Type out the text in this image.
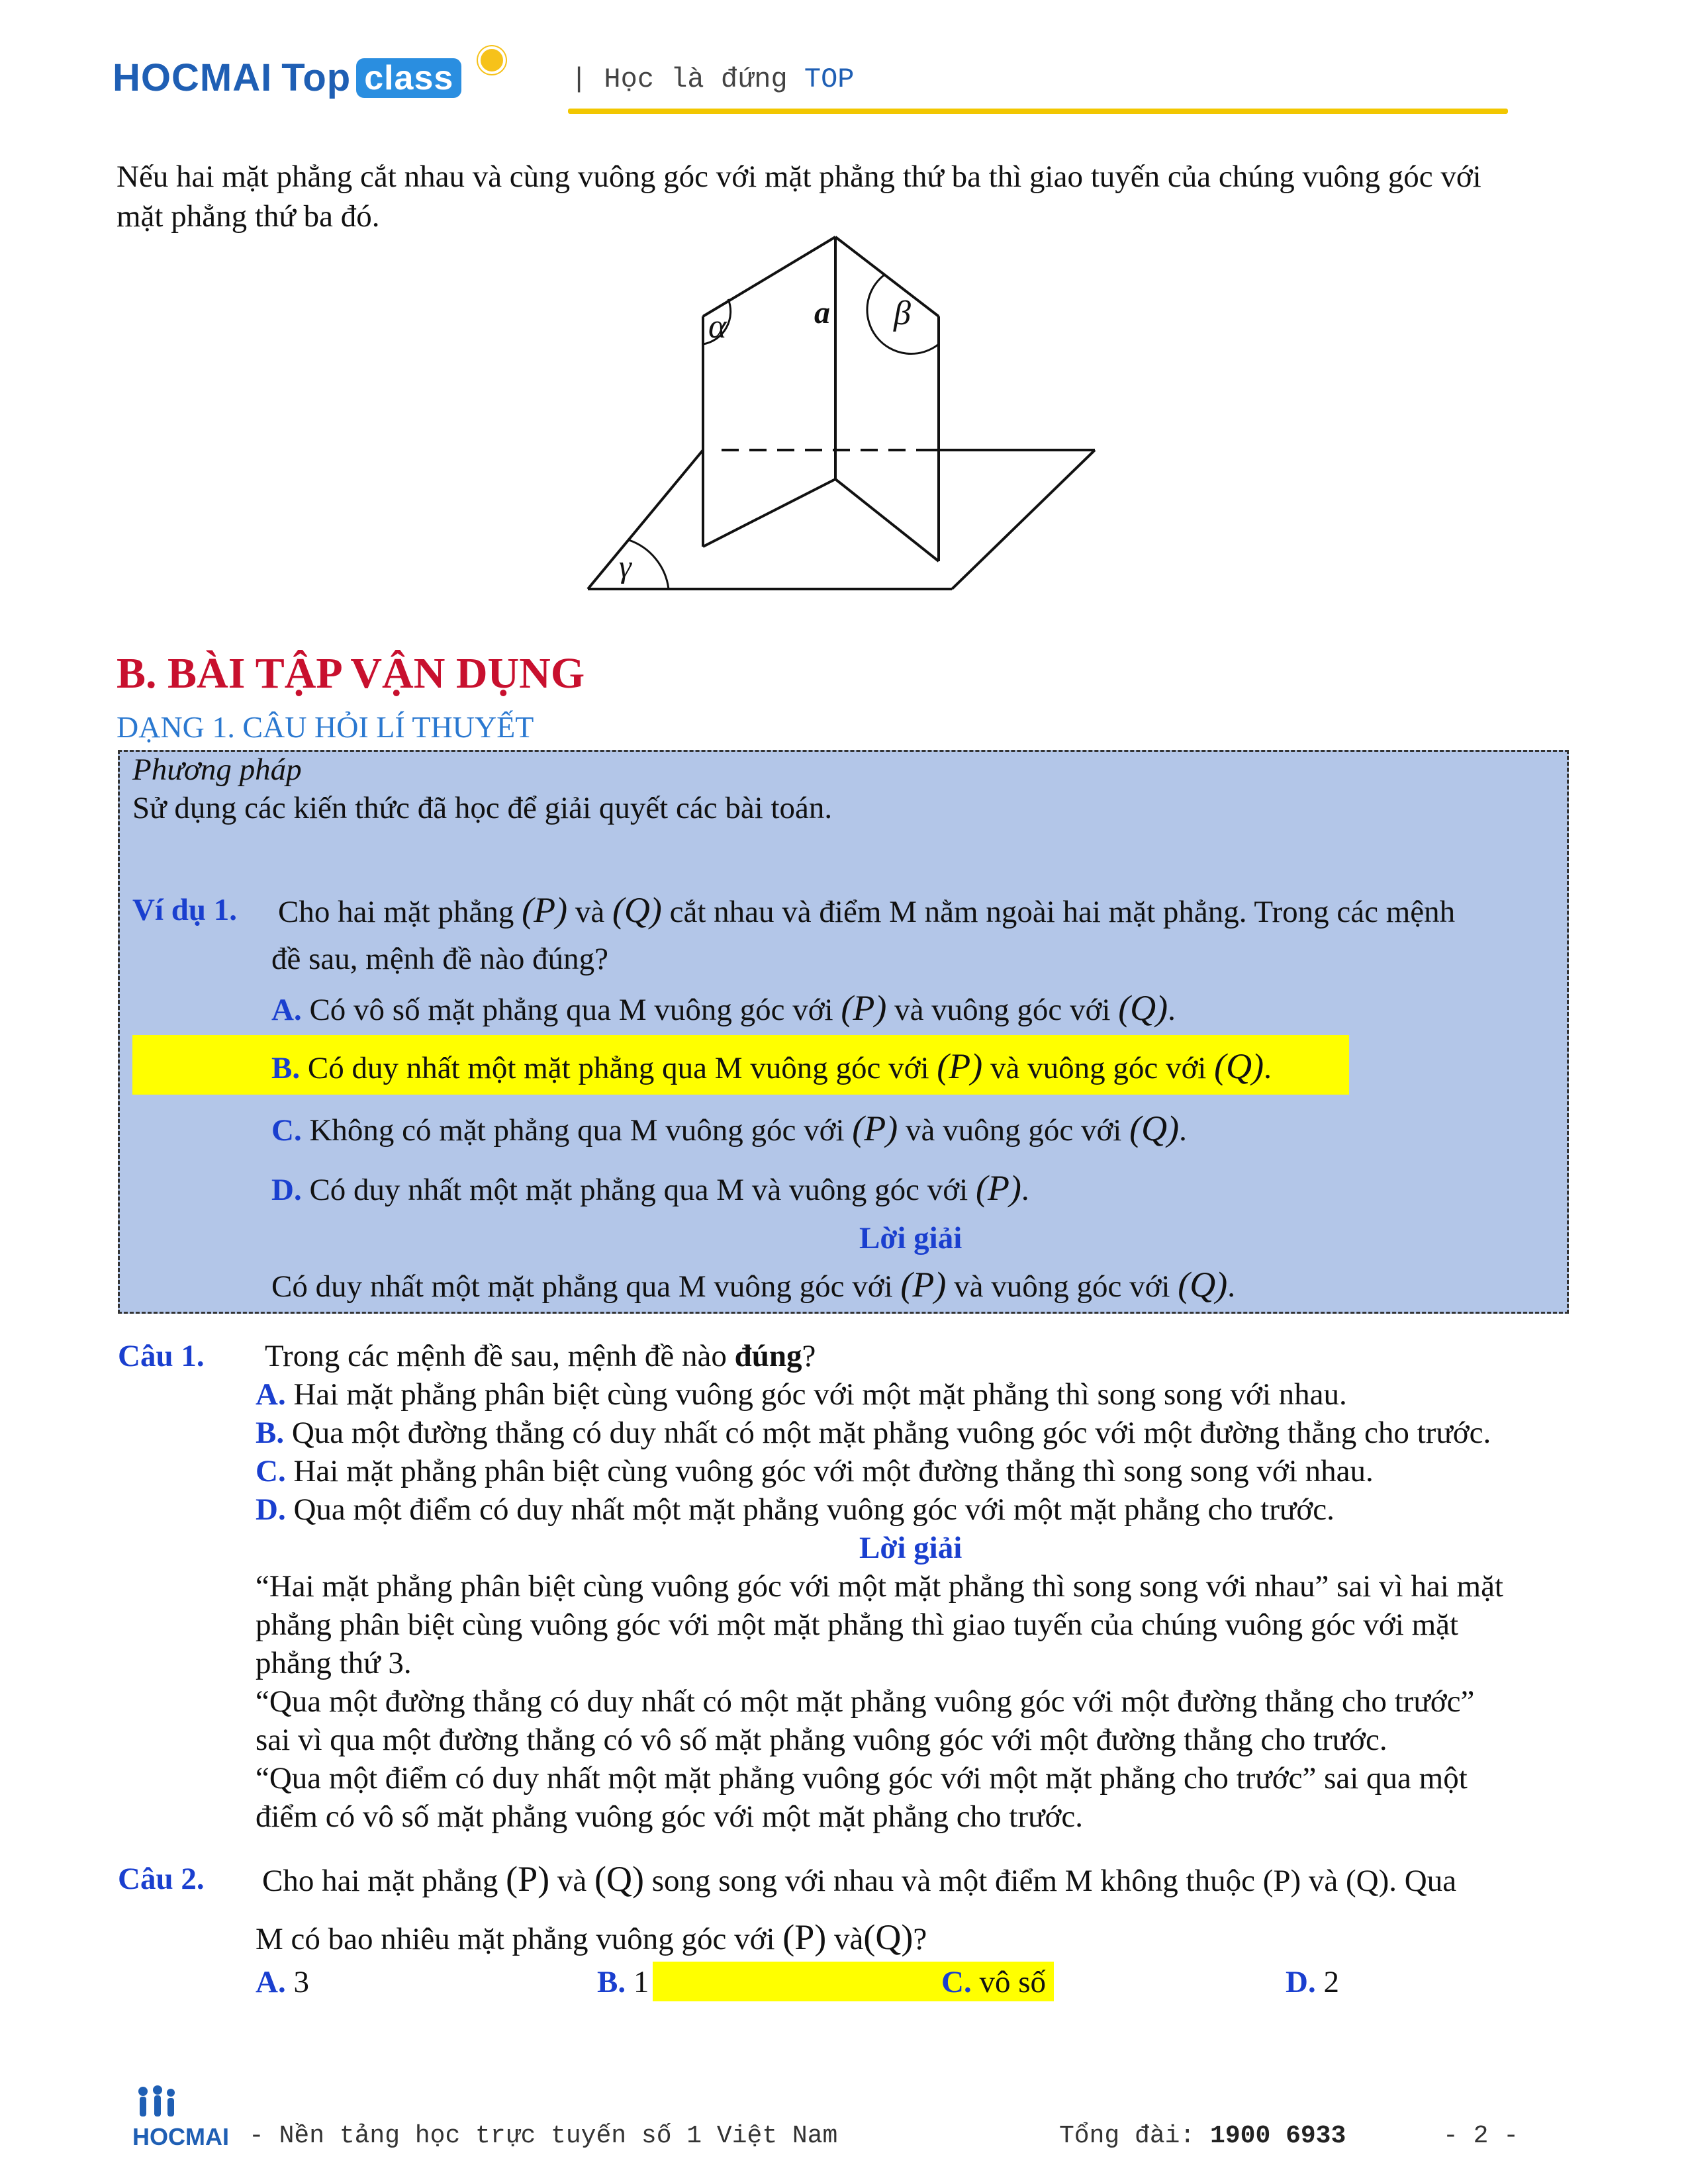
HOCMAI Top class	| Học là đứng TOP
Nếu hai mặt phẳng cắt nhau và cùng vuông góc với mặt phẳng thứ ba thì giao tuyến của chúng vuông góc với
mặt phẳng thứ ba đó.
α	β
γ
a
B. BÀI TẬP VẬN DỤNG
DẠNG 1. CÂU HỎI LÍ THUYẾT
Phương pháp
Sử dụng các kiến thức đã học để giải quyết các bài toán.
Ví dụ 1. Cho hai mặt phẳng (P) và (Q) cắt nhau và điểm M nằm ngoài hai mặt phẳng. Trong các mệnh
đề sau, mệnh đề nào đúng?
A. Có vô số mặt phẳng qua M vuông góc với (P) và vuông góc với (Q).
B. Có duy nhất một mặt phẳng qua M vuông góc với (P) và vuông góc với (Q).
C. Không có mặt phẳng qua M vuông góc với (P) và vuông góc với (Q).
D. Có duy nhất một mặt phẳng qua M và vuông góc với (P).
Lời giải
Có duy nhất một mặt phẳng qua M vuông góc với (P) và vuông góc với (Q).
Câu 1. Trong các mệnh đề sau, mệnh đề nào đúng?
A. Hai mặt phẳng phân biệt cùng vuông góc với một mặt phẳng thì song song với nhau.
B. Qua một đường thẳng có duy nhất có một mặt phẳng vuông góc với một đường thẳng cho trước.
C. Hai mặt phẳng phân biệt cùng vuông góc với một đường thẳng thì song song với nhau.
D. Qua một điểm có duy nhất một mặt phẳng vuông góc với một mặt phẳng cho trước.
Lời giải
“Hai mặt phẳng phân biệt cùng vuông góc với một mặt phẳng thì song song với nhau” sai vì hai mặt
phẳng phân biệt cùng vuông góc với một mặt phẳng thì giao tuyến của chúng vuông góc với mặt
phẳng thứ 3.
“Qua một đường thẳng có duy nhất có một mặt phẳng vuông góc với một đường thẳng cho trước”
sai vì qua một đường thẳng có vô số mặt phẳng vuông góc với một đường thẳng cho trước.
“Qua một điểm có duy nhất một mặt phẳng vuông góc với một mặt phẳng cho trước” sai qua một
điểm có vô số mặt phẳng vuông góc với một mặt phẳng cho trước.
Câu 2. Cho hai mặt phẳng (P) và (Q) song song với nhau và một điểm M không thuộc (P) và (Q). Qua
M có bao nhiêu mặt phẳng vuông góc với (P) và(Q)?
A. 3	B. 1	C. vô số	D. 2
HOCMAI - Nền tảng học trực tuyến số 1 Việt Nam	Tổng đài: 1900 6933	- 2 -
